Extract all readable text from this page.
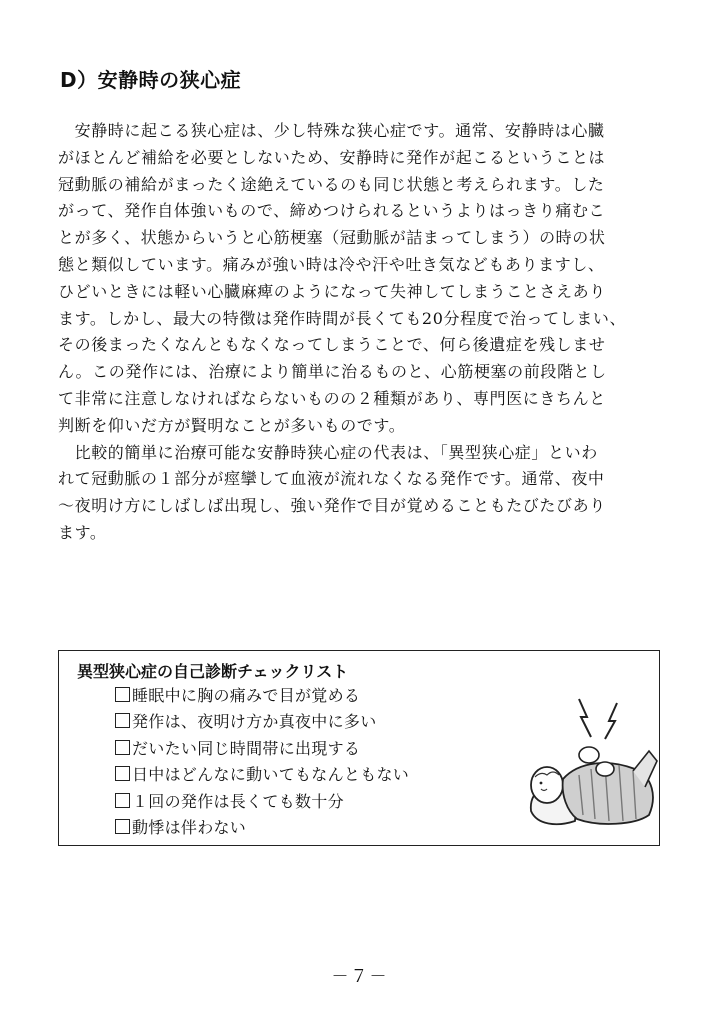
D）安静時の狭心症
　安静時に起こる狭心症は、少し特殊な狭心症です。通常、安静時は心臓
がほとんど補給を必要としないため、安静時に発作が起こるということは
冠動脈の補給がまったく途絶えているのも同じ状態と考えられます。した
がって、発作自体強いもので、締めつけられるというよりはっきり痛むこ
とが多く、状態からいうと心筋梗塞（冠動脈が詰まってしまう）の時の状
態と類似しています。痛みが強い時は冷や汗や吐き気などもありますし、
ひどいときには軽い心臓麻痺のようになって失神してしまうことさえあり
ます。しかし、最大の特徴は発作時間が長くても20分程度で治ってしまい、
その後まったくなんともなくなってしまうことで、何ら後遺症を残しませ
ん。この発作には、治療により簡単に治るものと、心筋梗塞の前段階とし
て非常に注意しなければならないものの２種類があり、専門医にきちんと
判断を仰いだ方が賢明なことが多いものです。
　比較的簡単に治療可能な安静時狭心症の代表は、「異型狭心症」といわ
れて冠動脈の１部分が痙攣して血液が流れなくなる発作です。通常、夜中
～夜明け方にしばしば出現し、強い発作で目が覚めることもたびたびあり
ます。
異型狭心症の自己診断チェックリスト
睡眠中に胸の痛みで目が覚める
発作は、夜明け方か真夜中に多い
だいたい同じ時間帯に出現する
日中はどんなに動いてもなんともない
１回の発作は長くても数十分
動悸は伴わない
－７－
